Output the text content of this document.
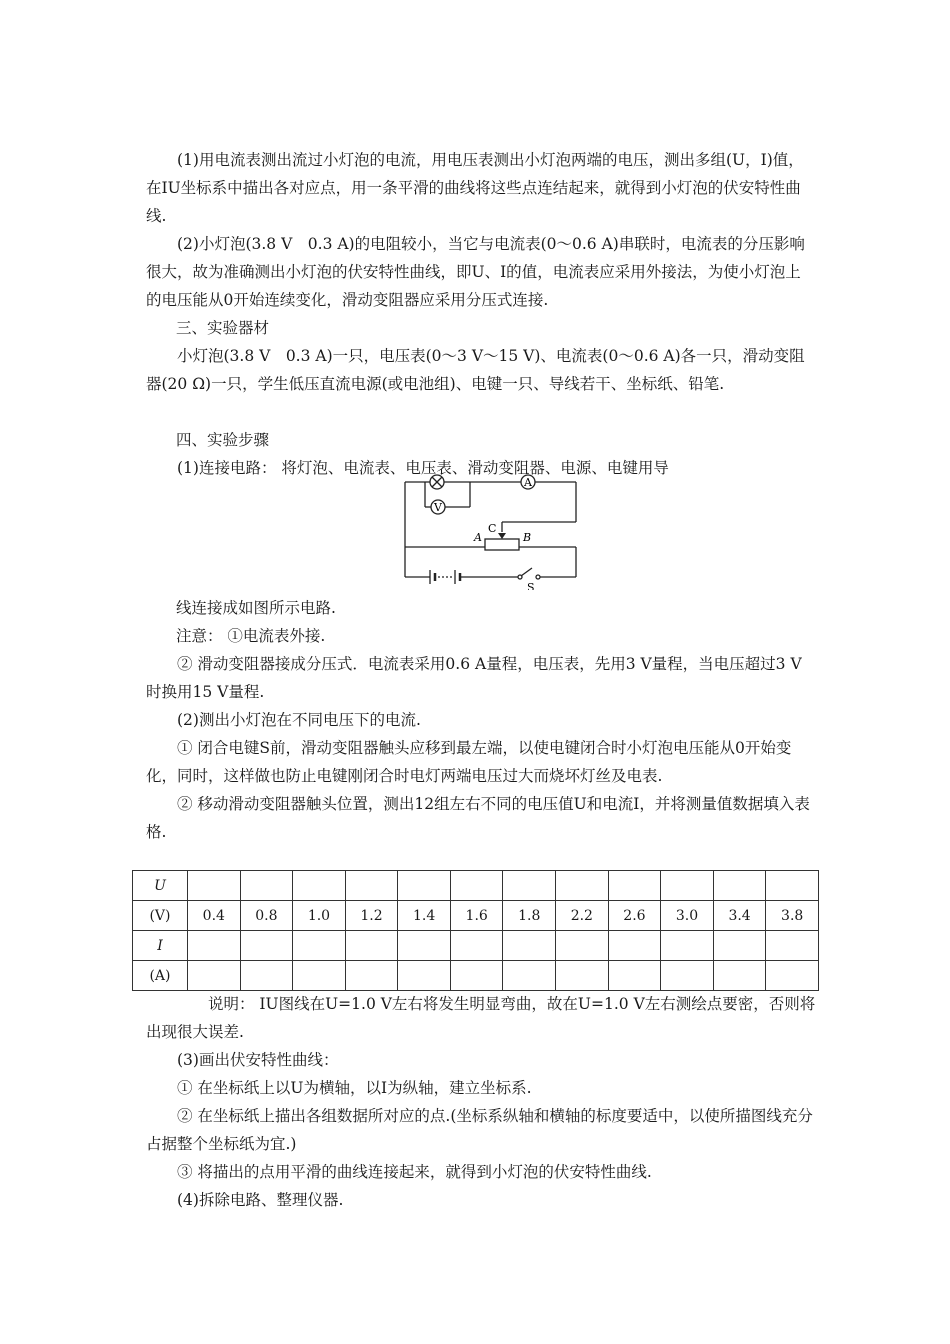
(1)用电流表测出流过小灯泡的电流，用电压表测出小灯泡两端的电压，测出多组(U，I)值，在IU坐标系中描出各对应点，用一条平滑的曲线将这些点连结起来，就得到小灯泡的伏安特性曲线.

(2)小灯泡(3.8 V　0.3 A)的电阻较小，当它与电流表(0～0.6 A)串联时，电流表的分压影响很大，故为准确测出小灯泡的伏安特性曲线，即U、I的值，电流表应采用外接法，为使小灯泡上的电压能从0开始连续变化，滑动变阻器应采用分压式连接.

三、实验器材

小灯泡(3.8 V　0.3 A)一只，电压表(0～3 V～15 V)、电流表(0～0.6 A)各一只，滑动变阻器(20 Ω)一只，学生低压直流电源(或电池组)、电键一只、导线若干、坐标纸、铅笔.

四、实验步骤

(1)连接电路： 将灯泡、电流表、电压表、滑动变阻器、电源、电键用导

A
V
C
A	B
S

线连接成如图所示电路.

注意： ①电流表外接.

② 滑动变阻器接成分压式．电流表采用0.6 A量程，电压表，先用3 V量程，当电压超过3 V时换用15 V量程.

(2)测出小灯泡在不同电压下的电流.

① 闭合电键S前，滑动变阻器触头应移到最左端，以使电键闭合时小灯泡电压能从0开始变化，同时，这样做也防止电键刚闭合时电灯两端电压过大而烧坏灯丝及电表.

② 移动滑动变阻器触头位置，测出12组左右不同的电压值U和电流I，并将测量值数据填入表格.

U												
(V)	0.4	0.8	1.0	1.2	1.4	1.6	1.8	2.2	2.6	3.0	3.4	3.8
I												
(A)												

说明： IU图线在U=1.0 V左右将发生明显弯曲，故在U=1.0 V左右测绘点要密，否则将出现很大误差.

(3)画出伏安特性曲线：

① 在坐标纸上以U为横轴，以I为纵轴，建立坐标系.

② 在坐标纸上描出各组数据所对应的点.(坐标系纵轴和横轴的标度要适中，以使所描图线充分占据整个坐标纸为宜.)

③ 将描出的点用平滑的曲线连接起来，就得到小灯泡的伏安特性曲线.

(4)拆除电路、整理仪器.
